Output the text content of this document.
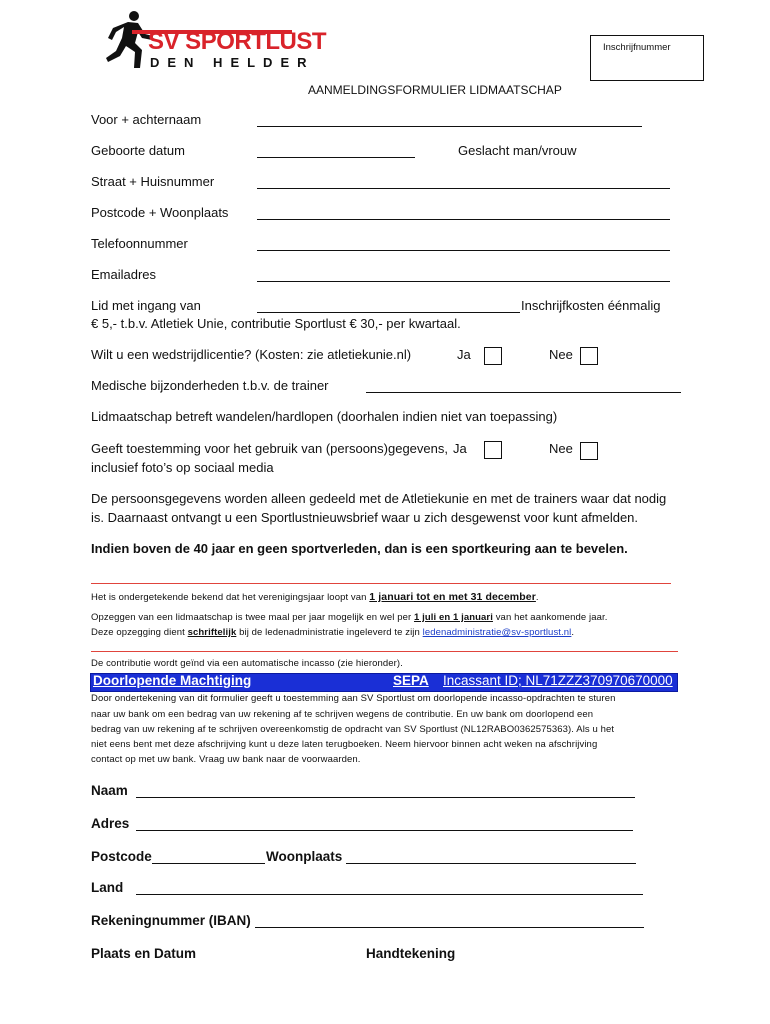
SV SPORTLUST
DEN HELDER
Inschrijfnummer
AANMELDINGSFORMULIER LIDMAATSCHAP
Voor + achternaam
Geboorte datum	Geslacht man/vrouw
Straat + Huisnummer
Postcode + Woonplaats
Telefoonnummer
Emailadres
Lid met ingang van	Inschrijfkosten éénmalig
€ 5,- t.b.v. Atletiek Unie, contributie Sportlust € 30,- per kwartaal.
Wilt u een wedstrijdlicentie? (Kosten: zie atletiekunie.nl)	Ja	Nee
Medische bijzonderheden t.b.v. de trainer
Lidmaatschap betreft wandelen/hardlopen (doorhalen indien niet van toepassing)
Geeft toestemming voor het gebruik van (persoons)gegevens, Ja	Nee
inclusief foto’s op sociaal media
De persoonsgegevens worden alleen gedeeld met de Atletiekunie en met de trainers waar dat nodig
is. Daarnaast ontvangt u een Sportlustnieuwsbrief waar u zich desgewenst voor kunt afmelden.
Indien boven de 40 jaar en geen sportverleden, dan is een sportkeuring aan te bevelen.
Het is ondergetekende bekend dat het verenigingsjaar loopt van 1 januari tot en met 31 december.
Opzeggen van een lidmaatschap is twee maal per jaar mogelijk en wel per 1 juli en 1 januari van het aankomende jaar.
Deze opzegging dient schriftelijk bij de ledenadministratie ingeleverd te zijn ledenadministratie@sv-sportlust.nl.
De contributie wordt geïnd via een automatische incasso (zie hieronder).
Doorlopende Machtiging	SEPA Incassant ID; NL71ZZZ370970670000
Door ondertekening van dit formulier geeft u toestemming aan SV Sportlust om doorlopende incasso-opdrachten te sturen
naar uw bank om een bedrag van uw rekening af te schrijven wegens de contributie. En uw bank om doorlopend een
bedrag van uw rekening af te schrijven overeenkomstig de opdracht van SV Sportlust (NL12RABO0362575363). Als u het
niet eens bent met deze afschrijving kunt u deze laten terugboeken. Neem hiervoor binnen acht weken na afschrijving
contact op met uw bank. Vraag uw bank naar de voorwaarden.
Naam
Adres
Postcode	Woonplaats
Land
Rekeningnummer (IBAN)
Plaats en Datum	Handtekening
